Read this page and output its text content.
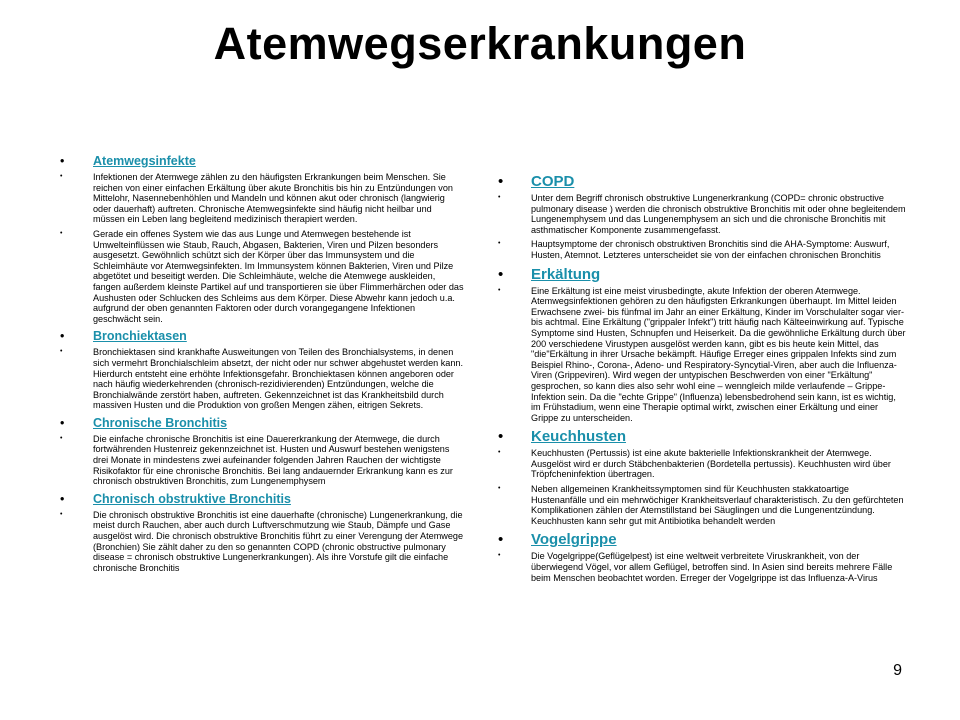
Atemwegserkrankungen
• Atemwegsinfekte
• Infektionen der Atemwege zählen zu den häufigsten Erkrankungen beim Menschen. Sie reichen von einer einfachen Erkältung über akute Bronchitis bis hin zu Entzündungen von Mittelohr, Nasennebenhöhlen und Mandeln und können akut oder chronisch (langwierig oder dauerhaft) auftreten. Chronische Atemwegsinfekte sind häufig nicht heilbar und müssen ein Leben lang begleitend medizinisch therapiert werden.
• Gerade ein offenes System wie das aus Lunge und Atemwegen bestehende ist Umwelteinflüssen wie Staub, Rauch, Abgasen, Bakterien, Viren und Pilzen besonders ausgesetzt. Gewöhnlich schützt sich der Körper über das Immunsystem und die Schleimhäute vor Atemwegsinfekten. Im Immunsystem können Bakterien, Viren und Pilze abgetötet und beseitigt werden. Die Schleimhäute, welche die Atemwege auskleiden, fangen außerdem kleinste Partikel auf und transportieren sie über Flimmerhärchen oder das Aushusten oder Schlucken des Schleims aus dem Körper. Diese Abwehr kann jedoch u.a. aufgrund der oben genannten Faktoren oder durch vorangegangene Infektionen geschwächt sein.
• Bronchiektasen
• Bronchiektasen sind krankhafte Ausweitungen von Teilen des Bronchialsystems, in denen sich vermehrt Bronchialschleim absetzt, der nicht oder nur schwer abgehustet werden kann. Hierdurch entsteht eine erhöhte Infektionsgefahr. Bronchiektasen können angeboren oder nach häufig wiederkehrenden (chronisch-rezidivierenden) Entzündungen, welche die Bronchialwände zerstört haben, auftreten. Gekennzeichnet ist das Krankheitsbild durch massiven Husten und die Produktion von großen Mengen zähen, eitrigen Sekrets.
• Chronische Bronchitis
• Die einfache chronische Bronchitis ist eine Dauererkrankung der Atemwege, die durch fortwährenden Hustenreiz gekennzeichnet ist. Husten und Auswurf bestehen wenigstens drei Monate in mindestens zwei aufeinander folgenden Jahren Rauchen der wichtigste Risikofaktor für eine chronische Bronchitis. Bei lang andauernder Erkrankung kann es zur chronisch obstruktiven Bronchitis, zum Lungenemphysem
• Chronisch obstruktive Bronchitis
• Die chronisch obstruktive Bronchitis ist eine dauerhafte (chronische) Lungenerkrankung, die meist durch Rauchen, aber auch durch Luftverschmutzung wie Staub, Dämpfe und Gase ausgelöst wird. Die chronisch obstruktive Bronchitis führt zu einer Verengung der Atemwege (Bronchien) Sie zählt daher zu den so genannten COPD (chronic obstructive pulmonary disease = chronisch obstruktive Lungenerkrankungen). Als ihre Vorstufe gilt die einfache chronische Bronchitis
• COPD
• Unter dem Begriff chronisch obstruktive Lungenerkrankung (COPD= chronic obstructive pulmonary disease ) werden die chronisch obstruktive Bronchitis mit oder ohne begleitendem Lungenemphysem und das Lungenemphysem an sich und die chronische Bronchitis mit asthmatischer Komponente zusammengefasst.
• Hauptsymptome der chronisch obstruktiven Bronchitis sind die AHA-Symptome: Auswurf, Husten, Atemnot. Letzteres unterscheidet sie von der einfachen chronischen Bronchitis
• Erkältung
• Eine Erkältung ist eine meist virusbedingte, akute Infektion der oberen Atemwege. Atemwegsinfektionen gehören zu den häufigsten Erkrankungen überhaupt. Im Mittel leiden Erwachsene zwei- bis fünfmal im Jahr an einer Erkältung, Kinder im Vorschulalter sogar vier- bis achtmal. Eine Erkältung ("grippaler Infekt") tritt häufig nach Kälteeinwirkung auf. Typische Symptome sind Husten, Schnupfen und Heiserkeit. Da die gewöhnliche Erkältung durch über 200 verschiedene Virustypen ausgelöst werden kann, gibt es bis heute kein Mittel, das "die"Erkältung in ihrer Ursache bekämpft. Häufige Erreger eines grippalen Infekts sind zum Beispiel Rhino-, Corona-, Adeno- und Respiratory-Syncytial-Viren, aber auch die Influenza-Viren (Grippeviren). Wird wegen der untypischen Beschwerden von einer "Erkältung" gesprochen, so kann dies also sehr wohl eine – wenngleich milde verlaufende – Grippe-Infektion sein. Da die "echte Grippe" (Influenza) lebensbedrohend sein kann, ist es wichtig, im Frühstadium, wenn eine Therapie optimal wirkt, zwischen einer Erkältung und einer Grippe zu unterscheiden.
• Keuchhusten
• Keuchhusten (Pertussis) ist eine akute bakterielle Infektionskrankheit der Atemwege. Ausgelöst wird er durch Stäbchenbakterien (Bordetella pertussis). Keuchhusten wird über Tröpfcheninfektion übertragen.
• Neben allgemeinen Krankheitssymptomen sind für Keuchhusten stakkatoartige Hustenanfälle und ein mehrwöchiger Krankheitsverlauf charakteristisch. Zu den gefürchteten Komplikationen zählen der Atemstillstand bei Säuglingen und die Lungenentzündung. Keuchhusten kann sehr gut mit Antibiotika behandelt werden
• Vogelgrippe
• Die Vogelgrippe(Geflügelpest) ist eine weltweit verbreitete Viruskrankheit, von der überwiegend Vögel, vor allem Geflügel, betroffen sind. In Asien sind bereits mehrere Fälle beim Menschen beobachtet worden. Erreger der Vogelgrippe ist das Influenza-A-Virus
9
